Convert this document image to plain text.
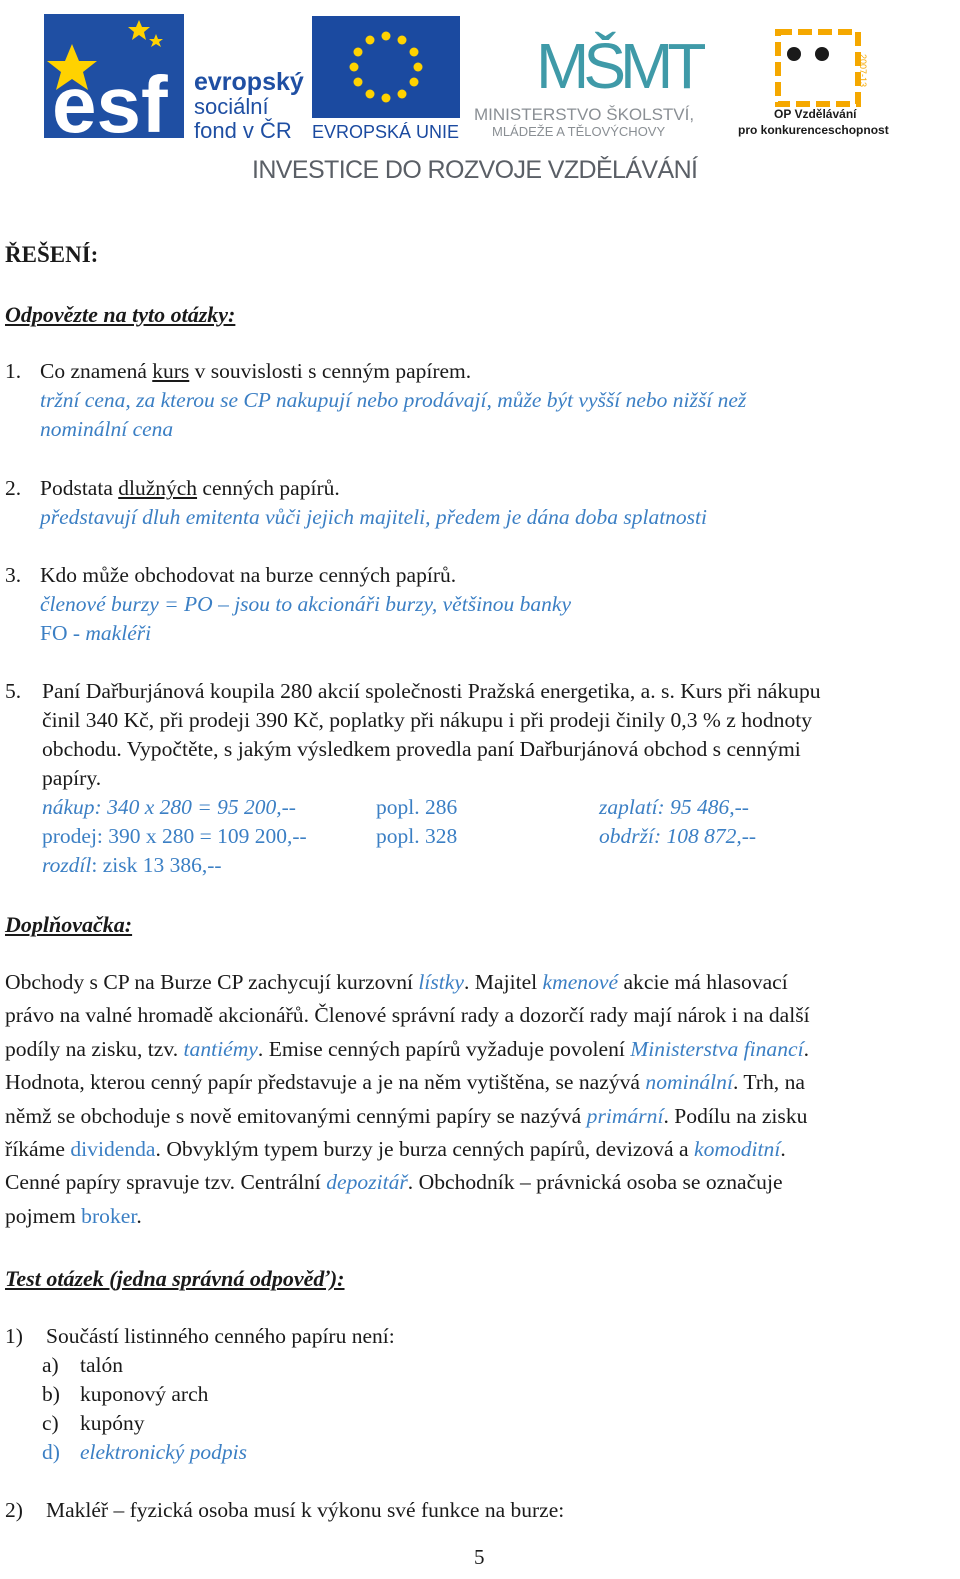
esf evropský
sociální
fond v ČR EVROPSKÁ UNIE
MŠMT
MINISTERSTVO ŠKOLSTVÍ,
MLÁDEŽE A TĚLOVÝCHOVY
2007-13
OP Vzdělávání
pro konkurenceschopnost
INVESTICE DO ROZVOJE VZDĚLÁVÁNÍ
ŘEŠENÍ:
Odpovězte na tyto otázky:
1. Co znamená kurs v souvislosti s cenným papírem.
tržní cena, za kterou se CP nakupují nebo prodávají, může být vyšší nebo nižší než
nominální cena
2. Podstata dlužných cenných papírů.
představují dluh emitenta vůči jejich majiteli, předem je dána doba splatnosti
3. Kdo může obchodovat na burze cenných papírů.
členové burzy = PO – jsou to akcionáři burzy, většinou banky
FO - makléři
5. Paní Dařburjánová koupila 280 akcií společnosti Pražská energetika, a. s. Kurs při nákupu
činil 340 Kč, při prodeji 390 Kč, poplatky při nákupu i při prodeji činily 0,3 % z hodnoty
obchodu. Vypočtěte, s jakým výsledkem provedla paní Dařburjánová obchod s cennými
papíry.
nákup: 340 x 280 = 95 200,--	popl. 286	zaplatí: 95 486,--
prodej: 390 x 280 = 109 200,--	popl. 328	obdrží: 108 872,--
rozdíl: zisk 13 386,--
Doplňovačka:
Obchody s CP na Burze CP zachycují kurzovní lístky. Majitel kmenové akcie má hlasovací
právo na valné hromadě akcionářů. Členové správní rady a dozorčí rady mají nárok i na další
podíly na zisku, tzv. tantiémy. Emise cenných papírů vyžaduje povolení Ministerstva financí.
Hodnota, kterou cenný papír představuje a je na něm vytištěna, se nazývá nominální. Trh, na
němž se obchoduje s nově emitovanými cennými papíry se nazývá primární. Podílu na zisku
říkáme dividenda. Obvyklým typem burzy je burza cenných papírů, devizová a komoditní.
Cenné papíry spravuje tzv. Centrální depozitář. Obchodník – právnická osoba se označuje
pojmem broker.
Test otázek (jedna správná odpověď):
1) Součástí listinného cenného papíru není:
a) talón
b) kuponový arch
c) kupóny
d) elektronický podpis
2) Makléř – fyzická osoba musí k výkonu své funkce na burze:
5
